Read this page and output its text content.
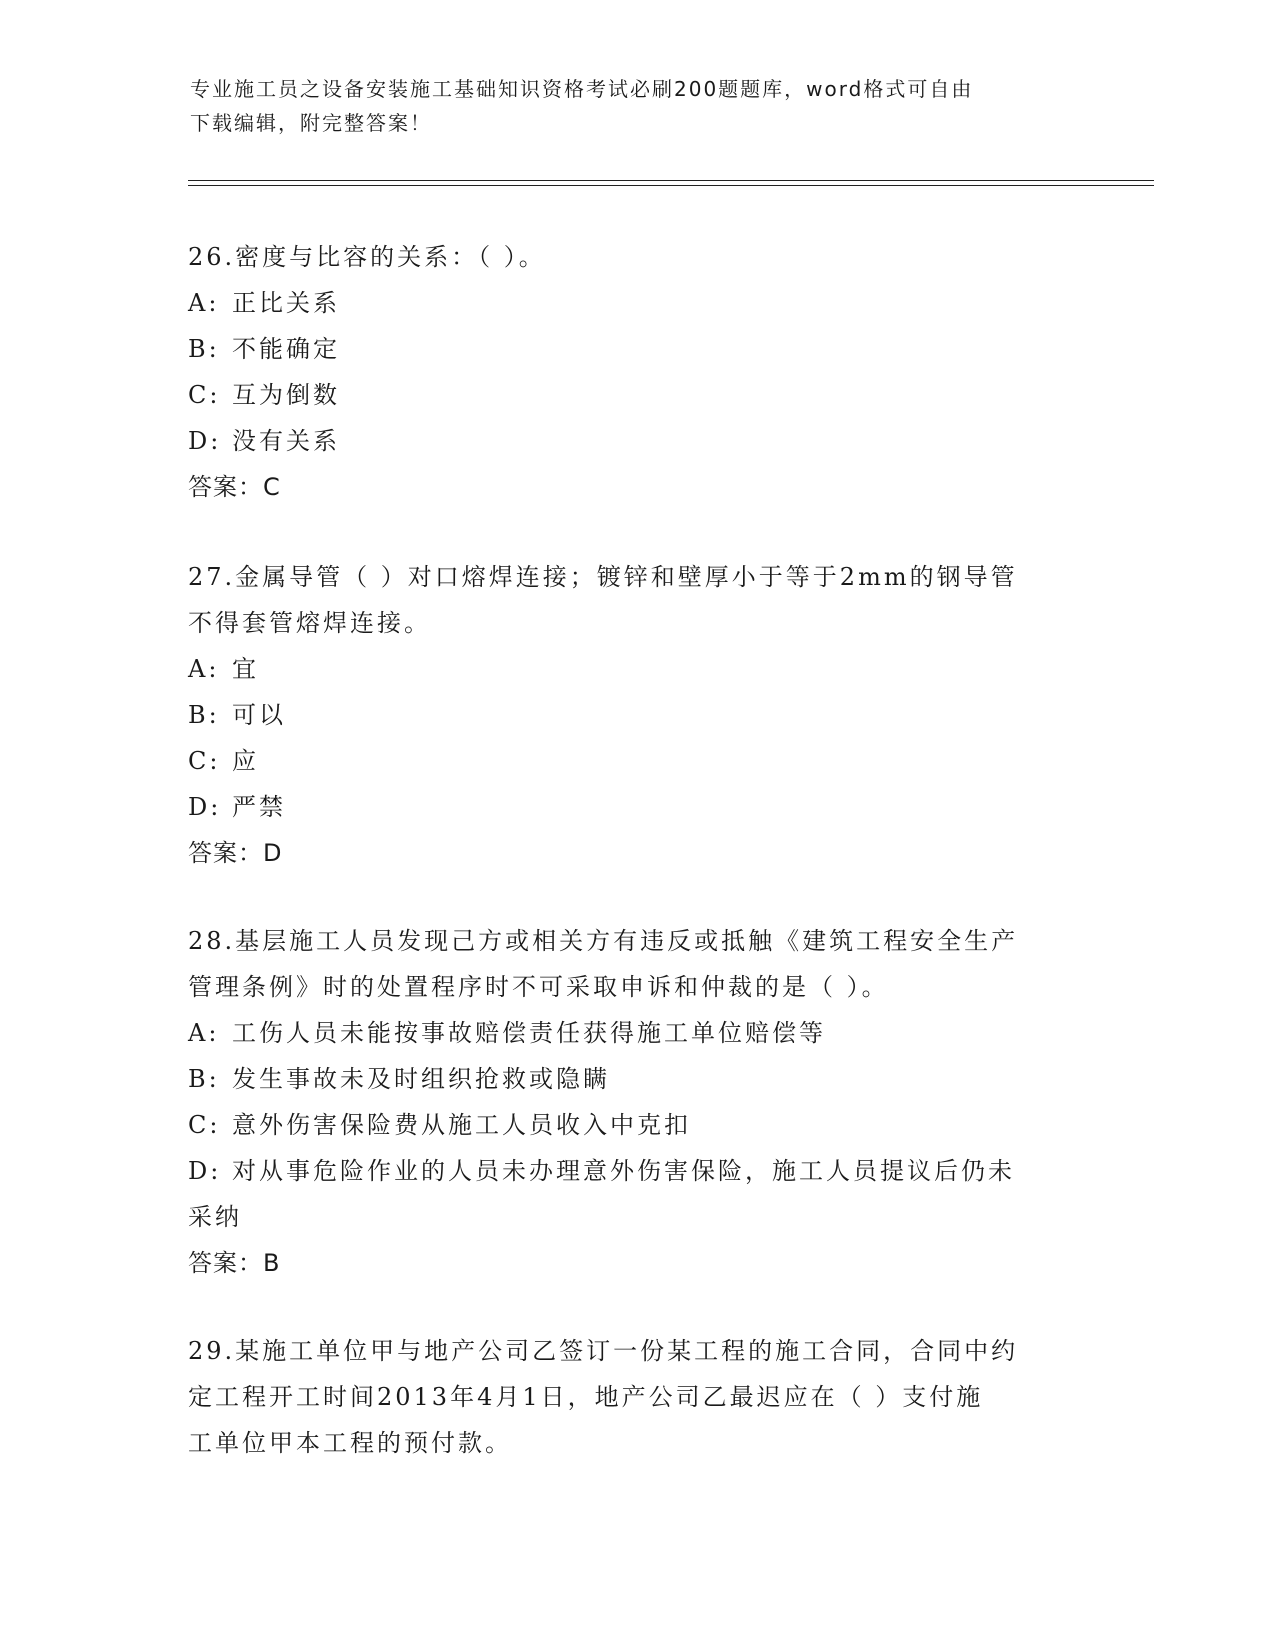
专业施工员之设备安装施工基础知识资格考试必刷200题题库，word格式可自由
下载编辑，附完整答案！
26.密度与比容的关系：（ ）。
A: 正比关系
B: 不能确定
C: 互为倒数
D: 没有关系
答案：C
27.金属导管（ ）对口熔焊连接；镀锌和壁厚小于等于2mm的钢导管
不得套管熔焊连接。
A: 宜
B: 可以
C: 应
D: 严禁
答案：D
28.基层施工人员发现己方或相关方有违反或抵触《建筑工程安全生产
管理条例》时的处置程序时不可采取申诉和仲裁的是（ ）。
A: 工伤人员未能按事故赔偿责任获得施工单位赔偿等
B: 发生事故未及时组织抢救或隐瞒
C: 意外伤害保险费从施工人员收入中克扣
D: 对从事危险作业的人员未办理意外伤害保险，施工人员提议后仍未
采纳
答案：B
29.某施工单位甲与地产公司乙签订一份某工程的施工合同，合同中约
定工程开工时间2013年4月1日，地产公司乙最迟应在（ ）支付施
工单位甲本工程的预付款。
